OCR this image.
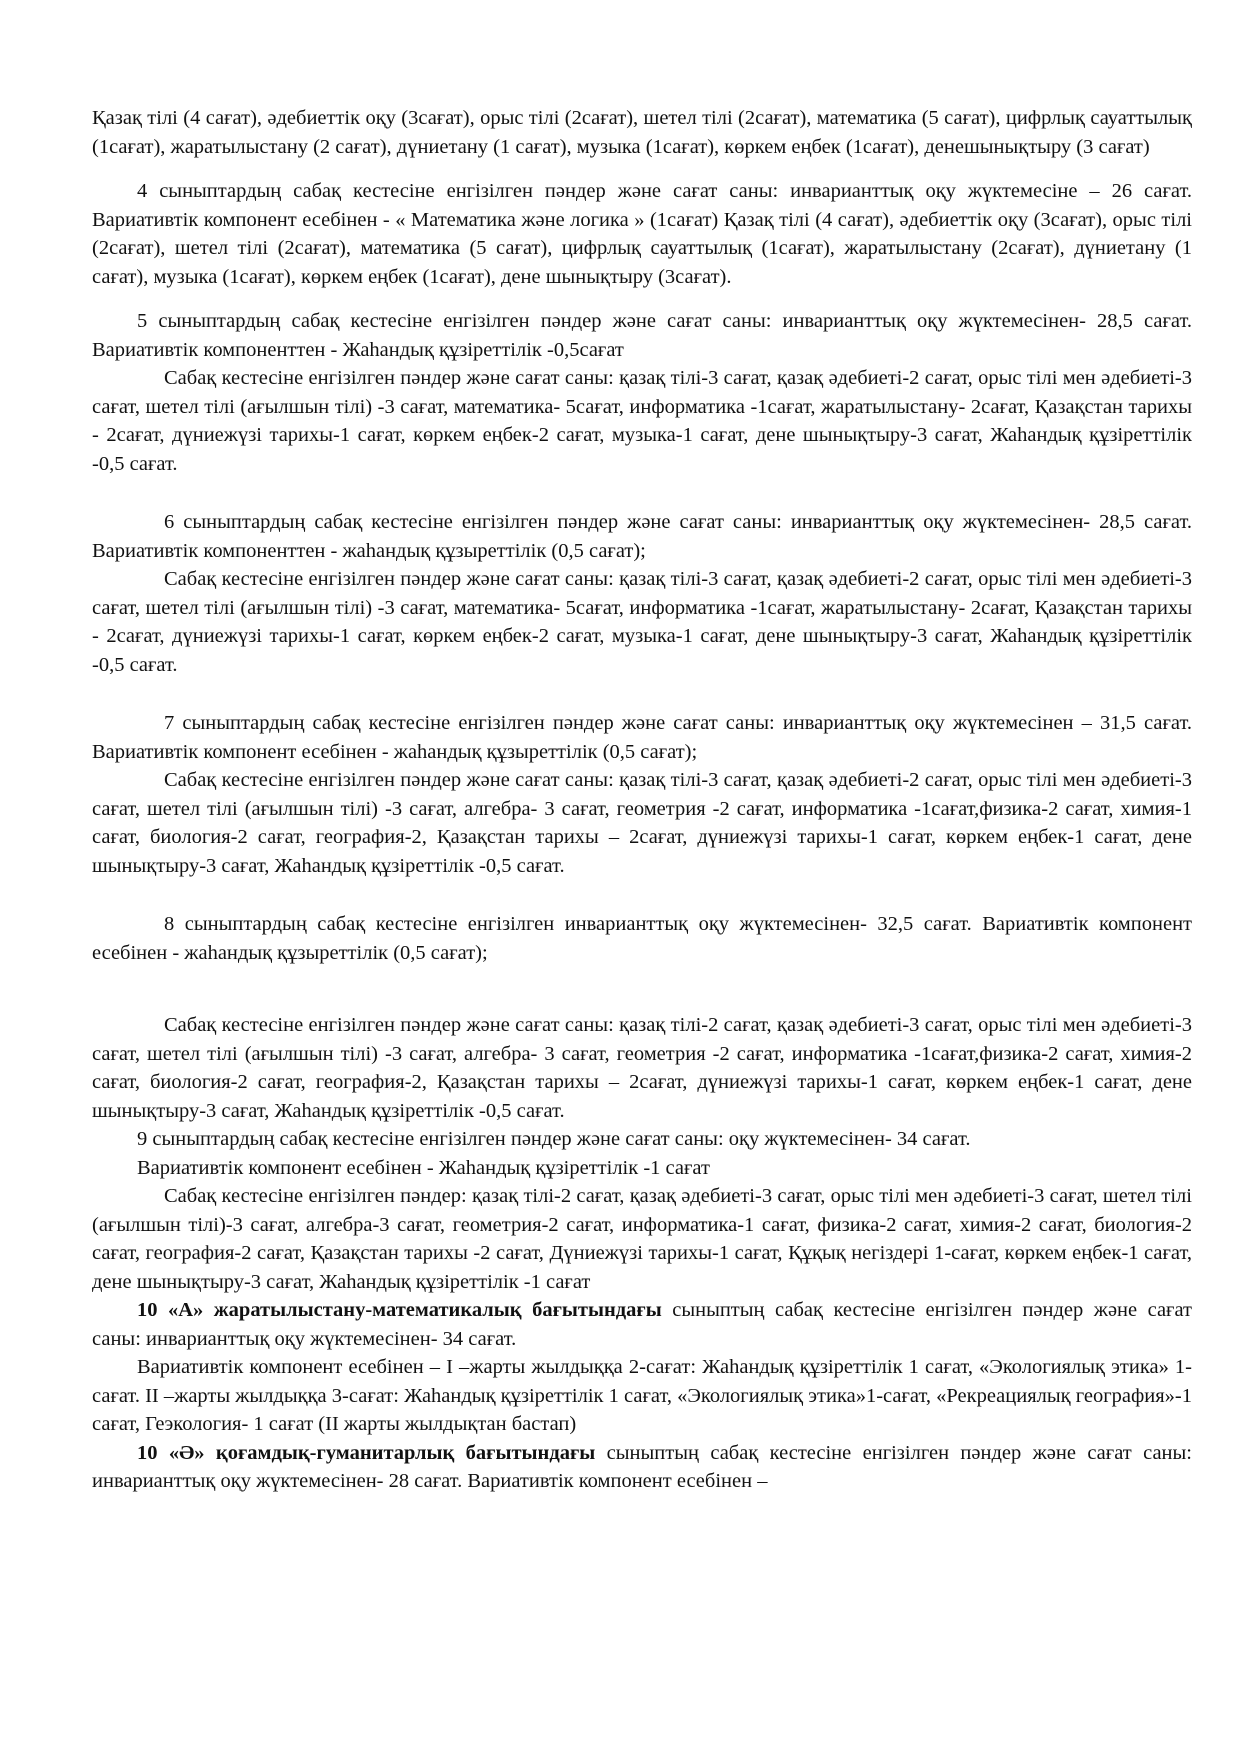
Қазақ тілі (4 сағат), әдебиеттік оқу (3сағат), орыс тілі (2сағат), шетел тілі (2сағат), математика (5 сағат), цифрлық сауаттылық (1сағат), жаратылыстану (2 сағат), дүниетану (1 сағат), музыка (1сағат), көркем еңбек (1сағат), денешынықтыру (3 сағат)

4 сыныптардың сабақ кестесіне енгізілген пәндер және сағат саны: инварианттық оқу жүктемесіне – 26 сағат. Вариативтік компонент есебінен - « Математика және логика » (1сағат) Қазақ тілі (4 сағат), әдебиеттік оқу (3сағат), орыс тілі (2сағат), шетел тілі (2сағат), математика (5 сағат), цифрлық сауаттылық (1сағат), жаратылыстану (2сағат), дүниетану (1 сағат), музыка (1сағат), көркем еңбек (1сағат), дене шынықтыру (3сағат).

5 сыныптардың сабақ кестесіне енгізілген пәндер және сағат саны: инварианттық оқу жүктемесінен- 28,5 сағат. Вариативтік компоненттен - Жаһандық құзіреттілік -0,5сағат

Сабақ кестесіне енгізілген пәндер және сағат саны: қазақ тілі-3 сағат, қазақ әдебиеті-2 сағат, орыс тілі мен әдебиеті-3 сағат, шетел тілі (ағылшын тілі) -3 сағат, математика- 5сағат, информатика -1сағат, жаратылыстану- 2сағат, Қазақстан тарихы - 2сағат, дүниежүзі тарихы-1 сағат, көркем еңбек-2 сағат, музыка-1 сағат, дене шынықтыру-3 сағат, Жаһандық құзіреттілік -0,5 сағат.

6 сыныптардың сабақ кестесіне енгізілген пәндер және сағат саны: инварианттық оқу жүктемесінен- 28,5 сағат. Вариативтік компоненттен - жаһандық құзыреттілік (0,5 сағат);

Сабақ кестесіне енгізілген пәндер және сағат саны: қазақ тілі-3 сағат, қазақ әдебиеті-2 сағат, орыс тілі мен әдебиеті-3 сағат, шетел тілі (ағылшын тілі) -3 сағат, математика- 5сағат, информатика -1сағат, жаратылыстану- 2сағат, Қазақстан тарихы - 2сағат, дүниежүзі тарихы-1 сағат, көркем еңбек-2 сағат, музыка-1 сағат, дене шынықтыру-3 сағат, Жаһандық құзіреттілік -0,5 сағат.

7 сыныптардың сабақ кестесіне енгізілген пәндер және сағат саны: инварианттық оқу жүктемесінен – 31,5 сағат. Вариативтік компонент есебінен - жаһандық құзыреттілік (0,5 сағат);

Сабақ кестесіне енгізілген пәндер және сағат саны: қазақ тілі-3 сағат, қазақ әдебиеті-2 сағат, орыс тілі мен әдебиеті-3 сағат, шетел тілі (ағылшын тілі) -3 сағат, алгебра- 3 сағат, геометрия -2 сағат, информатика -1сағат,физика-2 сағат, химия-1 сағат, биология-2 сағат, география-2, Қазақстан тарихы – 2сағат, дүниежүзі тарихы-1 сағат, көркем еңбек-1 сағат, дене шынықтыру-3 сағат, Жаһандық құзіреттілік -0,5 сағат.

8 сыныптардың сабақ кестесіне енгізілген инварианттық оқу жүктемесінен- 32,5 сағат. Вариативтік компонент есебінен - жаһандық құзыреттілік (0,5 сағат);

Сабақ кестесіне енгізілген пәндер және сағат саны: қазақ тілі-2 сағат, қазақ әдебиеті-3 сағат, орыс тілі мен әдебиеті-3 сағат, шетел тілі (ағылшын тілі) -3 сағат, алгебра- 3 сағат, геометрия -2 сағат, информатика -1сағат,физика-2 сағат, химия-2 сағат, биология-2 сағат, география-2, Қазақстан тарихы – 2сағат, дүниежүзі тарихы-1 сағат, көркем еңбек-1 сағат, дене шынықтыру-3 сағат, Жаһандық құзіреттілік -0,5 сағат.

9 сыныптардың сабақ кестесіне енгізілген пәндер және сағат саны: оқу жүктемесінен- 34 сағат.

Вариативтік компонент есебінен - Жаһандық құзіреттілік -1 сағат

Сабақ кестесіне енгізілген пәндер: қазақ тілі-2 сағат, қазақ әдебиеті-3 сағат, орыс тілі мен әдебиеті-3 сағат, шетел тілі (ағылшын тілі)-3 сағат, алгебра-3 сағат, геометрия-2 сағат, информатика-1 сағат, физика-2 сағат, химия-2 сағат, биология-2 сағат, география-2 сағат, Қазақстан тарихы -2 сағат, Дүниежүзі тарихы-1 сағат, Құқық негіздері 1-сағат, көркем еңбек-1 сағат, дене шынықтыру-3 сағат, Жаһандық құзіреттілік -1 сағат

10 «А» жаратылыстану-математикалық бағытындағы сыныптың сабақ кестесіне енгізілген пәндер және сағат саны: инварианттық оқу жүктемесінен- 34 сағат.

Вариативтік компонент есебінен – І –жарты жылдыққа 2-сағат: Жаһандық құзіреттілік 1 сағат, «Экологиялық этика» 1-сағат. ІІ –жарты жылдыққа 3-сағат: Жаһандық құзіреттілік 1 сағат, «Экологиялық этика»1-сағат, «Рекреациялық география»-1 сағат, Геэкология- 1 сағат (ІІ жарты жылдықтан бастап)

10 «Ә» қоғамдық-гуманитарлық бағытындағы сыныптың сабақ кестесіне енгізілген пәндер және сағат саны: инварианттық оқу жүктемесінен- 28 сағат. Вариативтік компонент есебінен –
